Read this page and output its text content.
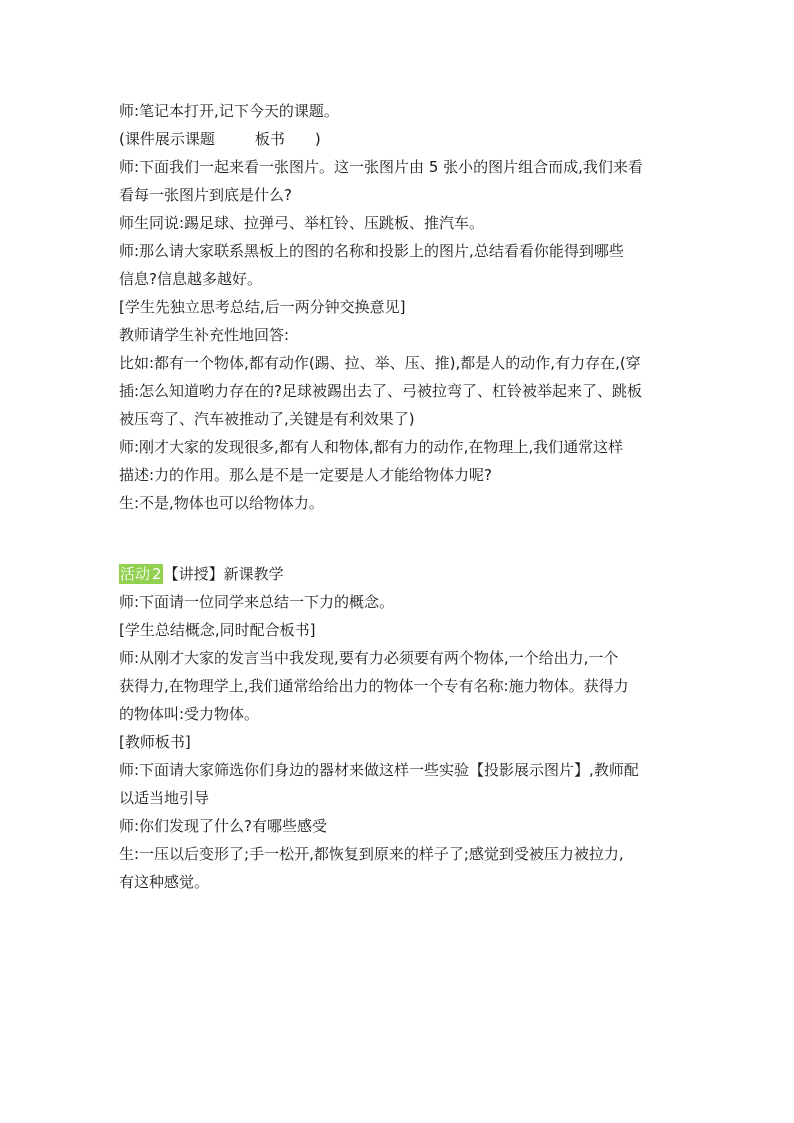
师:笔记本打开,记下今天的课题。
(课件展示课题	板书 )
师:下面我们一起来看一张图片。这一张图片由 5 张小的图片组合而成,我们来看
看每一张图片到底是什么?
师生同说:踢足球、拉弹弓、举杠铃、压跳板、推汽车。
师:那么请大家联系黑板上的图的名称和投影上的图片,总结看看你能得到哪些
信息?信息越多越好。
[学生先独立思考总结,后一两分钟交换意见]
教师请学生补充性地回答:
比如:都有一个物体,都有动作(踢、拉、举、压、推),都是人的动作,有力存在,(穿
插:怎么知道哟力存在的?足球被踢出去了、弓被拉弯了、杠铃被举起来了、跳板
被压弯了、汽车被推动了,关键是有利效果了)
师:刚才大家的发现很多,都有人和物体,都有力的动作,在物理上,我们通常这样
描述:力的作用。那么是不是一定要是人才能给物体力呢?
生:不是,物体也可以给物体力。
活动 2 【讲授】新课教学
师:下面请一位同学来总结一下力的概念。
[学生总结概念,同时配合板书]
师:从刚才大家的发言当中我发现,要有力必须要有两个物体,一个给出力,一个
获得力,在物理学上,我们通常给给出力的物体一个专有名称:施力物体。获得力
的物体叫:受力物体。
[教师板书]
师:下面请大家筛选你们身边的器材来做这样一些实验【投影展示图片】,教师配
以适当地引导
师:你们发现了什么?有哪些感受
生:一压以后变形了;手一松开,都恢复到原来的样子了;感觉到受被压力被拉力,
有这种感觉。
